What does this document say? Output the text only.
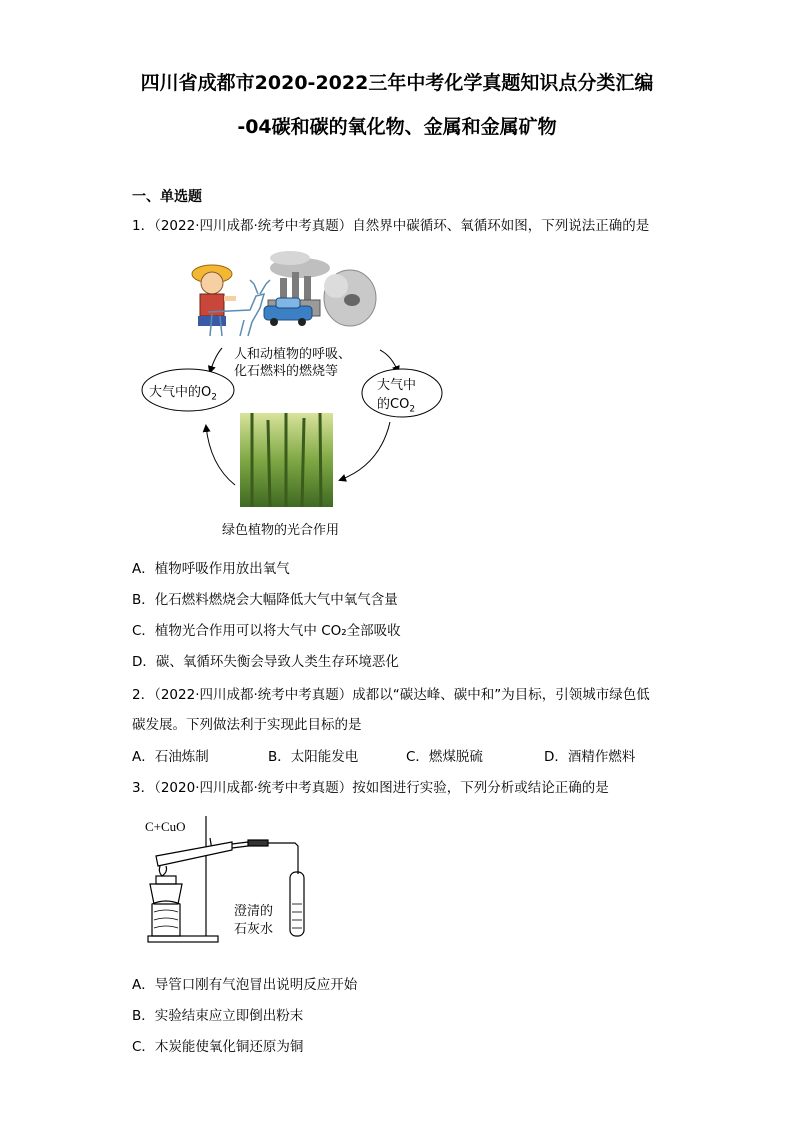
四川省成都市2020-2022三年中考化学真题知识点分类汇编
-04碳和碳的氧化物、金属和金属矿物
一、单选题
1．（2022·四川成都·统考中考真题）自然界中碳循环、氧循环如图，下列说法正确的是
人和动植物的呼吸、
化石燃料的燃烧等
大气中的$O_2$
大气中
的$CO_2$
绿色植物的光合作用
A．植物呼吸作用放出氧气
B．化石燃料燃烧会大幅降低大气中氧气含量
C．植物光合作用可以将大气中 CO₂全部吸收
D．碳、氧循环失衡会导致人类生存环境恶化
2．（2022·四川成都·统考中考真题）成都以“碳达峰、碳中和”为目标，引领城市绿色低
碳发展。下列做法利于实现此目标的是
A．石油炼制	B．太阳能发电	C．燃煤脱硫	D．酒精作燃料
3．（2020·四川成都·统考中考真题）按如图进行实验，下列分析或结论正确的是
C+CuO
澄清的
石灰水
A．导管口刚有气泡冒出说明反应开始
B．实验结束应立即倒出粉末
C．木炭能使氧化铜还原为铜
